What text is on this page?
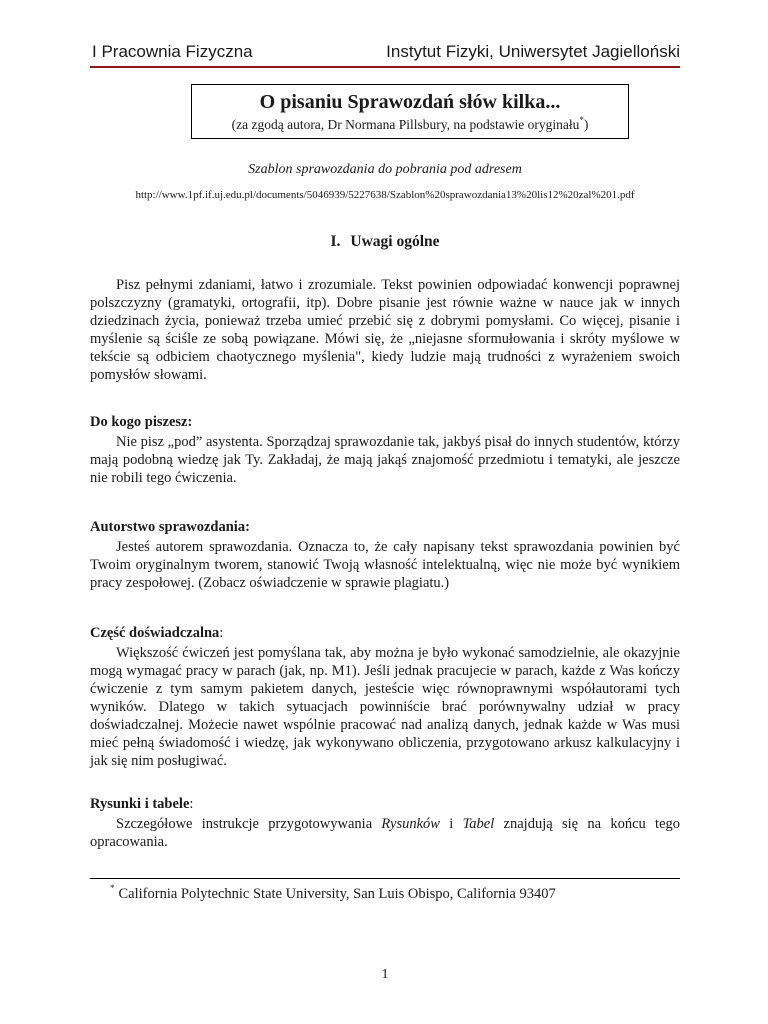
I Pracownia Fizyczna	Instytut Fizyki, Uniwersytet Jagielloński
O pisaniu Sprawozdań słów kilka...
(za zgodą autora, Dr Normana Pillsbury, na podstawie oryginału*)
Szablon sprawozdania do pobrania pod adresem
http://www.1pf.if.uj.edu.pl/documents/5046939/5227638/Szablon%20sprawozdania13%20lis12%20zal%201.pdf
I. Uwagi ogólne

Pisz pełnymi zdaniami, łatwo i zrozumiale. Tekst powinien odpowiadać konwencji poprawnej polszczyzny (gramatyki, ortografii, itp). Dobre pisanie jest równie ważne w nauce jak w innych dziedzinach życia, ponieważ trzeba umieć przebić się z dobrymi pomysłami. Co więcej, pisanie i myślenie są ściśle ze sobą powiązane. Mówi się, że „niejasne sformułowania i skróty myślowe w tekście są odbiciem chaotycznego myślenia", kiedy ludzie mają trudności z wyrażeniem swoich pomysłów słowami.

Do kogo piszesz:

Nie pisz „pod” asystenta. Sporządzaj sprawozdanie tak, jakbyś pisał do innych studentów, którzy mają podobną wiedzę jak Ty. Zakładaj, że mają jakąś znajomość przedmiotu i tematyki, ale jeszcze nie robili tego ćwiczenia.

Autorstwo sprawozdania:

Jesteś autorem sprawozdania. Oznacza to, że cały napisany tekst sprawozdania powinien być Twoim oryginalnym tworem, stanowić Twoją własność intelektualną, więc nie może być wynikiem pracy zespołowej. (Zobacz oświadczenie w sprawie plagiatu.)

Część doświadczalna:

Większość ćwiczeń jest pomyślana tak, aby można je było wykonać samodzielnie, ale okazyjnie mogą wymagać pracy w parach (jak, np. M1). Jeśli jednak pracujecie w parach, każde z Was kończy ćwiczenie z tym samym pakietem danych, jesteście więc równoprawnymi współautorami tych wyników. Dlatego w takich sytuacjach powinniście brać porównywalny udział w pracy doświadczalnej. Możecie nawet wspólnie pracować nad analizą danych, jednak każde w Was musi mieć pełną świadomość i wiedzę, jak wykonywano obliczenia, przygotowano arkusz kalkulacyjny i jak się nim posługiwać.

Rysunki i tabele:

Szczegółowe instrukcje przygotowywania Rysunków i Tabel znajdują się na końcu tego opracowania.

* California Polytechnic State University, San Luis Obispo, California 93407
1
